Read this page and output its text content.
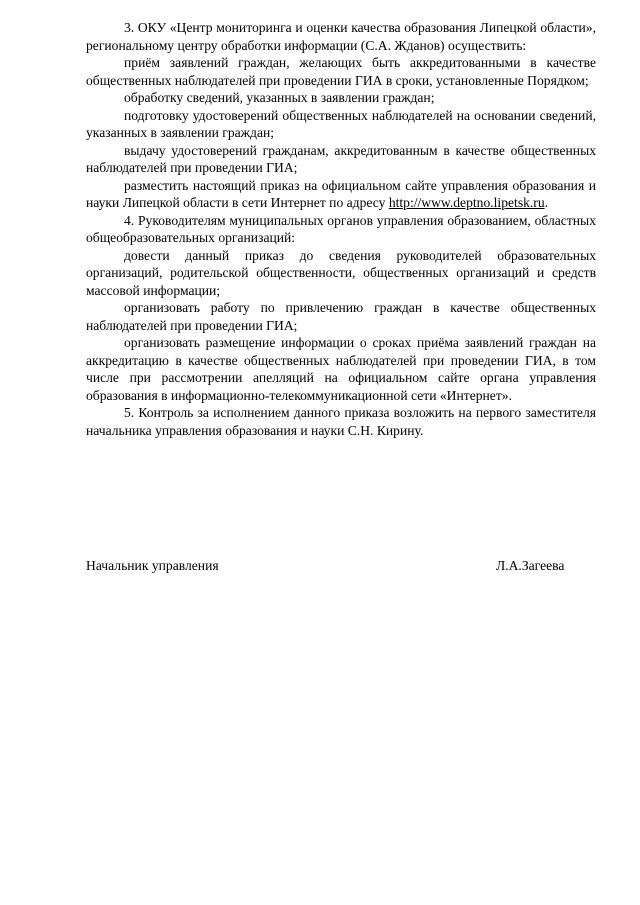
3. ОКУ «Центр мониторинга и оценки качества образования Липецкой области», региональному центру обработки информации (С.А. Жданов) осуществить:

приём заявлений граждан, желающих быть аккредитованными в качестве общественных наблюдателей при проведении ГИА в сроки, установленные Порядком;

обработку сведений, указанных в заявлении граждан;

подготовку удостоверений общественных наблюдателей на основании сведений, указанных в заявлении граждан;

выдачу удостоверений гражданам, аккредитованным в качестве общественных наблюдателей при проведении ГИА;

разместить настоящий приказ на официальном сайте управления образования и науки Липецкой области в сети Интернет по адресу http://www.deptno.lipetsk.ru.

4. Руководителям муниципальных органов управления образованием, областных общеобразовательных организаций:

довести данный приказ до сведения руководителей образовательных организаций, родительской общественности, общественных организаций и средств массовой информации;

организовать работу по привлечению граждан в качестве общественных наблюдателей при проведении ГИА;

организовать размещение информации о сроках приёма заявлений граждан на аккредитацию в качестве общественных наблюдателей при проведении ГИА, в том числе при рассмотрении апелляций на официальном сайте органа управления образования в информационно-телекоммуникационной сети «Интернет».

5. Контроль за исполнением данного приказа возложить на первого заместителя начальника управления образования и науки С.Н. Кирину.

Начальник управления	Л.А.Загеева
